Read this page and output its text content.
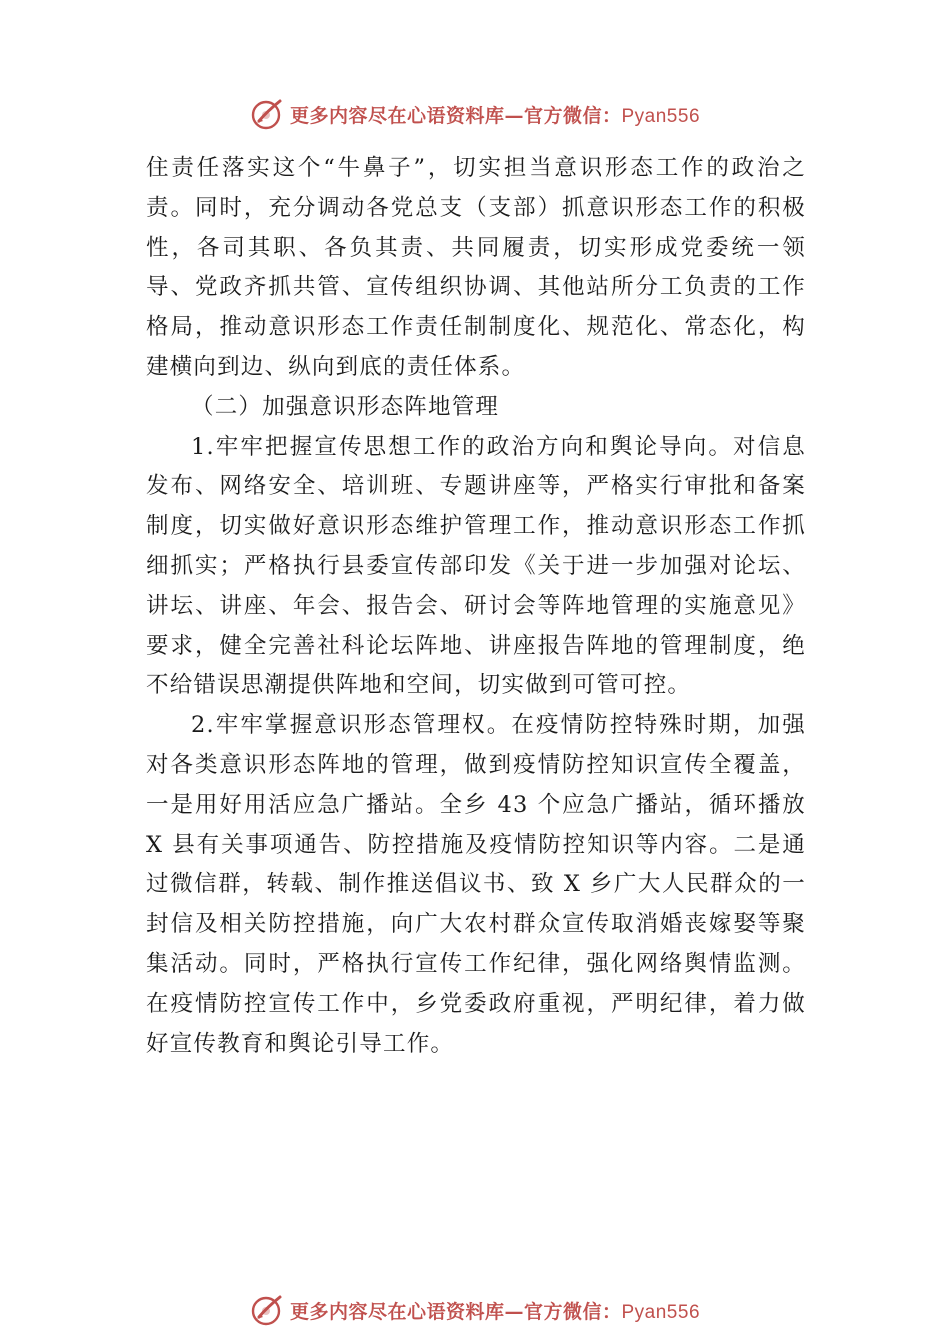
更多内容尽在心语资料库—官方微信：Pyan556

住责任落实这个“牛鼻子”，切实担当意识形态工作的政治之责。同时，充分调动各党总支（支部）抓意识形态工作的积极性，各司其职、各负其责、共同履责，切实形成党委统一领导、党政齐抓共管、宣传组织协调、其他站所分工负责的工作格局，推动意识形态工作责任制制度化、规范化、常态化，构建横向到边、纵向到底的责任体系。

（二）加强意识形态阵地管理

1.牢牢把握宣传思想工作的政治方向和舆论导向。对信息发布、网络安全、培训班、专题讲座等，严格实行审批和备案制度，切实做好意识形态维护管理工作，推动意识形态工作抓细抓实；严格执行县委宣传部印发《关于进一步加强对论坛、讲坛、讲座、年会、报告会、研讨会等阵地管理的实施意见》要求，健全完善社科论坛阵地、讲座报告阵地的管理制度，绝不给错误思潮提供阵地和空间，切实做到可管可控。

2.牢牢掌握意识形态管理权。在疫情防控特殊时期，加强对各类意识形态阵地的管理，做到疫情防控知识宣传全覆盖，一是用好用活应急广播站。全乡 43 个应急广播站，循环播放 X 县有关事项通告、防控措施及疫情防控知识等内容。二是通过微信群，转载、制作推送倡议书、致 X 乡广大人民群众的一封信及相关防控措施，向广大农村群众宣传取消婚丧嫁娶等聚集活动。同时，严格执行宣传工作纪律，强化网络舆情监测。在疫情防控宣传工作中，乡党委政府重视，严明纪律，着力做好宣传教育和舆论引导工作。

更多内容尽在心语资料库—官方微信：Pyan556
